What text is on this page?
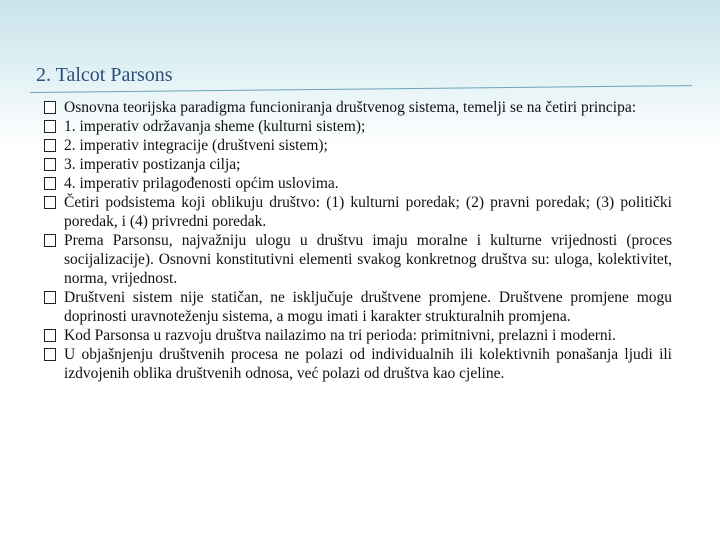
2. Talcot Parsons
Osnovna teorijska paradigma funcioniranja društvenog sistema, temelji se na četiri principa:
1. imperativ održavanja sheme (kulturni sistem);
2. imperativ integracije (društveni sistem);
3. imperativ postizanja cilja;
4. imperativ prilagođenosti općim uslovima.
Četiri podsistema koji oblikuju društvo: (1) kulturni poredak; (2) pravni poredak; (3) politički poredak, i (4) privredni poredak.
Prema Parsonsu, najvažniju ulogu u društvu imaju moralne i kulturne vrijednosti (proces socijalizacije). Osnovni konstitutivni elementi svakog konkretnog društva su: uloga, kolektivitet, norma, vrijednost.
Društveni sistem nije statičan, ne isključuje društvene promjene. Društvene promjene mogu doprinosti uravnoteženju sistema, a mogu imati i karakter strukturalnih promjena.
Kod Parsonsa u razvoju društva nailazimo na tri perioda: primitnivni, prelazni i moderni.
U objašnjenju društvenih procesa ne polazi od individualnih ili kolektivnih ponašanja ljudi ili izdvojenih oblika društvenih odnosa, već polazi od društva kao cjeline.
